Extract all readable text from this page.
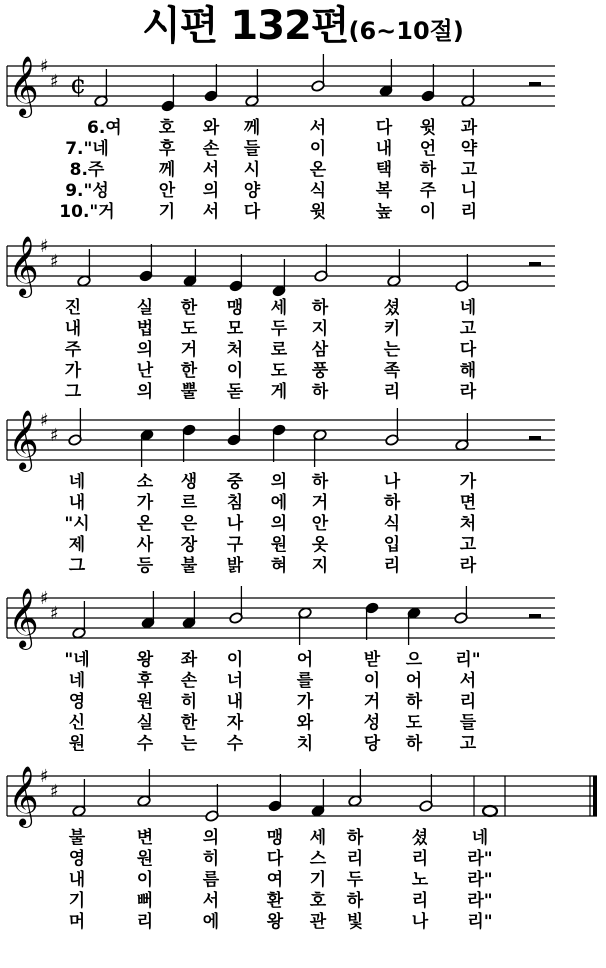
시편 132편(6~10절)
𝄞 ♯
♯ ¢
6.여 호 와 께	서	다 윗 과
7."네	후 손 들	이	내 언 약
8.주	께 서 시	온	택 하 고
9."성	안 의 양	식	복 주 니
10."거	기 서 다	윗	높 이 리
𝄞 ♯
♯
진	실 한 맹 세 하	셨	네
내	법 도 모 두 지	키	고
주	의 거 처 로 삼	는	다
가	난 한 이 도 풍	족	해
그	의 뿔 돋 게 하	리	라
𝄞 ♯
♯
네	소 생 중 의 하	나	가
내	가 르 침 에 거	하	면
"시	온 은 나 의 안	식	처
제	사 장 구 원 옷	입	고
그	등 불 밝 혀 지	리	라
𝄞 ♯
♯
"네	왕 좌 이	어	받 으 리"
네	후 손 너	를	이 어 서
영	원 히 내	가	거 하 리
신	실 한 자	와	성 도 들
원	수 는 수	치	당 하 고
𝄞 ♯
♯
불	변	의	맹 세 하	셨	네
영	원	히	다 스 리	리 라"
내	이	름	여 기 두	노 라"
기	뻐	서	환 호 하	리 라"
머	리	에	왕 관 빛	나 리"
